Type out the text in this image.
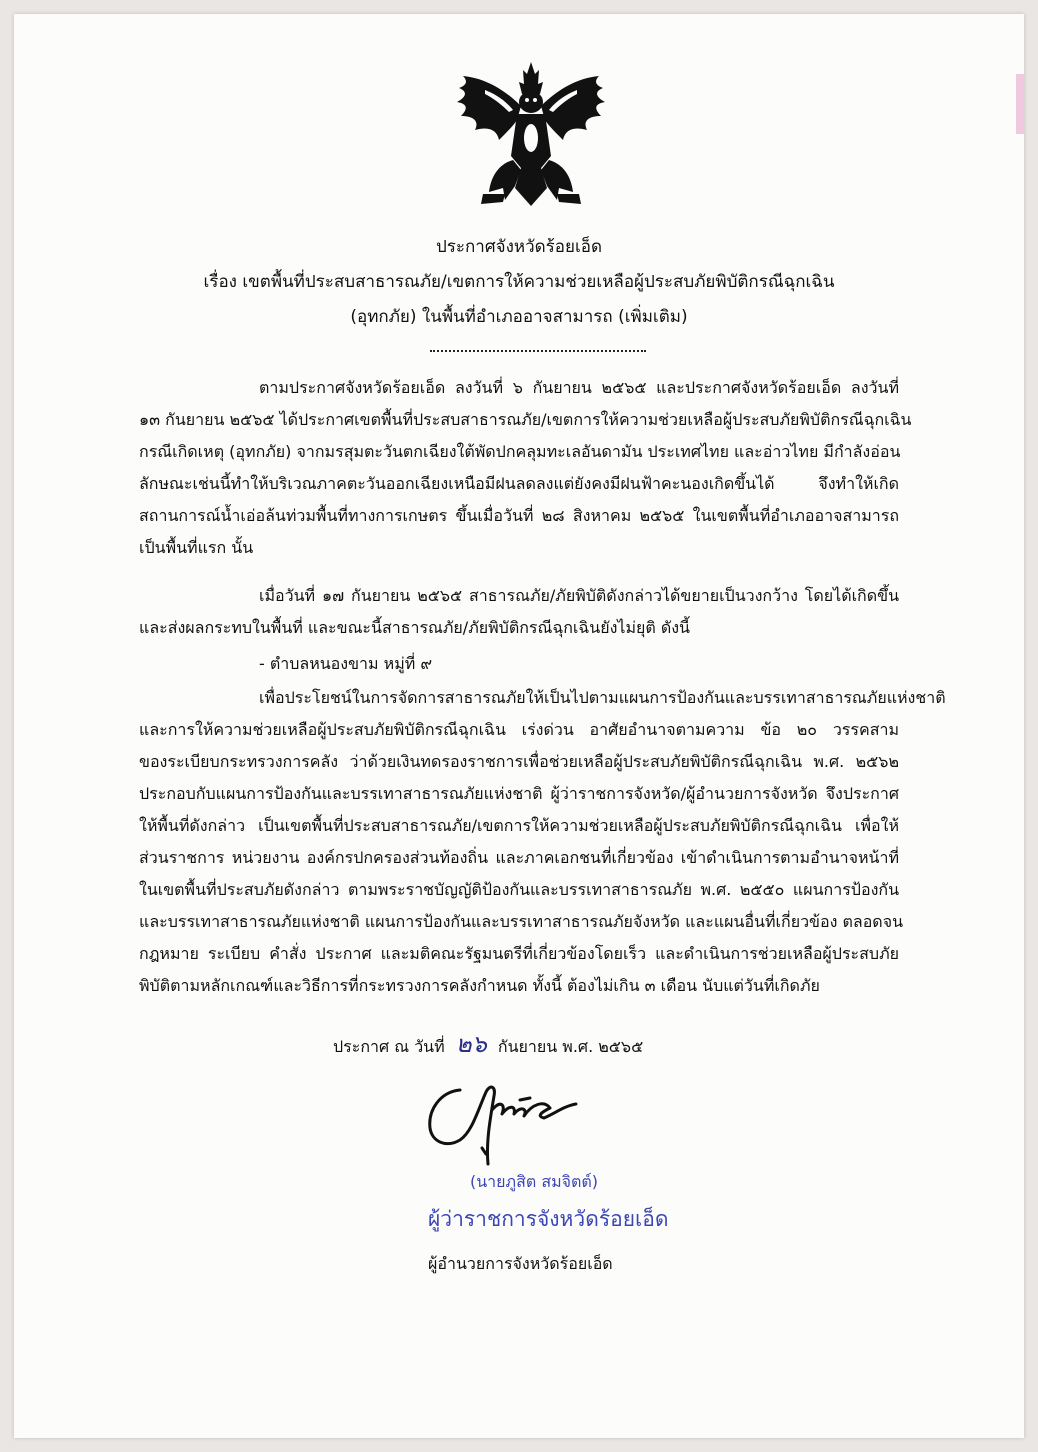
ประกาศจังหวัดร้อยเอ็ด
เรื่อง เขตพื้นที่ประสบสาธารณภัย/เขตการให้ความช่วยเหลือผู้ประสบภัยพิบัติกรณีฉุกเฉิน
(อุทกภัย) ในพื้นที่อำเภออาจสามารถ (เพิ่มเติม)
ตามประกาศจังหวัดร้อยเอ็ด ลงวันที่ ๖ กันยายน ๒๕๖๕ และประกาศจังหวัดร้อยเอ็ด ลงวันที่
๑๓ กันยายน ๒๕๖๕ ได้ประกาศเขตพื้นที่ประสบสาธารณภัย/เขตการให้ความช่วยเหลือผู้ประสบภัยพิบัติกรณีฉุกเฉิน
กรณีเกิดเหตุ (อุทกภัย) จากมรสุมตะวันตกเฉียงใต้พัดปกคลุมทะเลอันดามัน ประเทศไทย และอ่าวไทย มีกำลังอ่อน
ลักษณะเช่นนี้ทำให้บริเวณภาคตะวันออกเฉียงเหนือมีฝนลดลงแต่ยังคงมีฝนฟ้าคะนองเกิดขึ้นได้ จึงทำให้เกิด
สถานการณ์น้ำเอ่อล้นท่วมพื้นที่ทางการเกษตร ขึ้นเมื่อวันที่ ๒๘ สิงหาคม ๒๕๖๕ ในเขตพื้นที่อำเภออาจสามารถ
เป็นพื้นที่แรก นั้น
เมื่อวันที่ ๑๗ กันยายน ๒๕๖๕ สาธารณภัย/ภัยพิบัติดังกล่าวได้ขยายเป็นวงกว้าง โดยได้เกิดขึ้น
และส่งผลกระทบในพื้นที่ และขณะนี้สาธารณภัย/ภัยพิบัติกรณีฉุกเฉินยังไม่ยุติ ดังนี้
- ตำบลหนองขาม หมู่ที่ ๙
เพื่อประโยชน์ในการจัดการสาธารณภัยให้เป็นไปตามแผนการป้องกันและบรรเทาสาธารณภัยแห่งชาติ
และการให้ความช่วยเหลือผู้ประสบภัยพิบัติกรณีฉุกเฉิน เร่งด่วน อาศัยอำนาจตามความ ข้อ ๒๐ วรรคสาม
ของระเบียบกระทรวงการคลัง ว่าด้วยเงินทดรองราชการเพื่อช่วยเหลือผู้ประสบภัยพิบัติกรณีฉุกเฉิน พ.ศ. ๒๕๖๒
ประกอบกับแผนการป้องกันและบรรเทาสาธารณภัยแห่งชาติ ผู้ว่าราชการจังหวัด/ผู้อำนวยการจังหวัด จึงประกาศ
ให้พื้นที่ดังกล่าว เป็นเขตพื้นที่ประสบสาธารณภัย/เขตการให้ความช่วยเหลือผู้ประสบภัยพิบัติกรณีฉุกเฉิน เพื่อให้
ส่วนราชการ หน่วยงาน องค์กรปกครองส่วนท้องถิ่น และภาคเอกชนที่เกี่ยวข้อง เข้าดำเนินการตามอำนาจหน้าที่
ในเขตพื้นที่ประสบภัยดังกล่าว ตามพระราชบัญญัติป้องกันและบรรเทาสาธารณภัย พ.ศ. ๒๕๕๐ แผนการป้องกัน
และบรรเทาสาธารณภัยแห่งชาติ แผนการป้องกันและบรรเทาสาธารณภัยจังหวัด และแผนอื่นที่เกี่ยวข้อง ตลอดจน
กฎหมาย ระเบียบ คำสั่ง ประกาศ และมติคณะรัฐมนตรีที่เกี่ยวข้องโดยเร็ว และดำเนินการช่วยเหลือผู้ประสบภัย
พิบัติตามหลักเกณฑ์และวิธีการที่กระทรวงการคลังกำหนด ทั้งนี้ ต้องไม่เกิน ๓ เดือน นับแต่วันที่เกิดภัย
ประกาศ ณ วันที่ ๒๖ กันยายน พ.ศ. ๒๕๖๕
(นายภูสิต สมจิตต์)
ผู้ว่าราชการจังหวัดร้อยเอ็ด
ผู้อำนวยการจังหวัดร้อยเอ็ด
